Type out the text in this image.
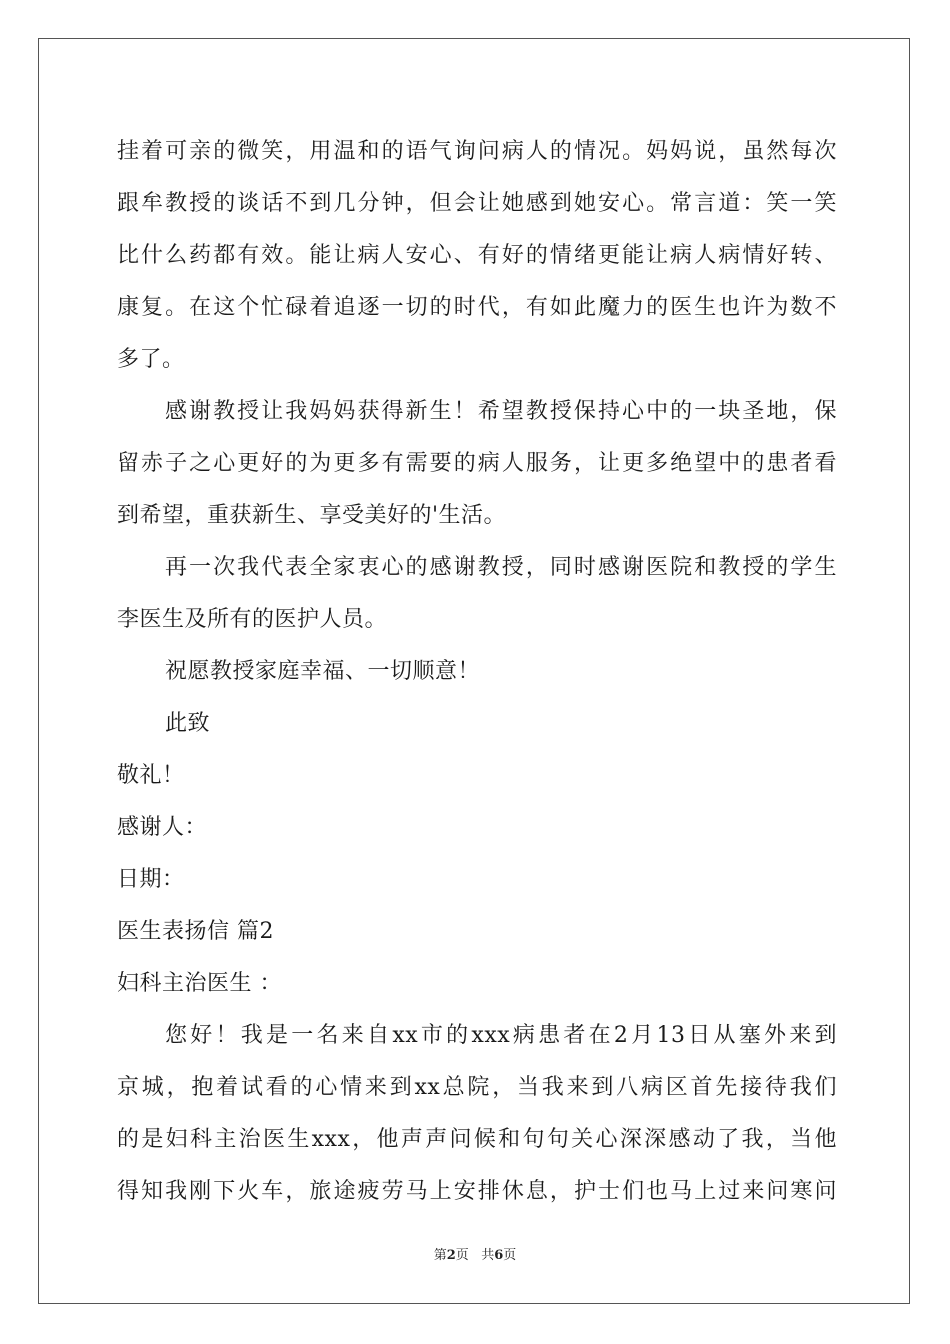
挂着可亲的微笑，用温和的语气询问病人的情况。妈妈说，虽然每次
跟牟教授的谈话不到几分钟，但会让她感到她安心。常言道：笑一笑
比什么药都有效。能让病人安心、有好的情绪更能让病人病情好转、
康复。在这个忙碌着追逐一切的时代，有如此魔力的医生也许为数不
多了。
感谢教授让我妈妈获得新生！希望教授保持心中的一块圣地，保
留赤子之心更好的为更多有需要的病人服务，让更多绝望中的患者看
到希望，重获新生、享受美好的'生活。
再一次我代表全家衷心的感谢教授，同时感谢医院和教授的学生
李医生及所有的医护人员。
祝愿教授家庭幸福、一切顺意！
此致
敬礼！
感谢人：
日期：
医生表扬信 篇2
妇科主治医生 ：
您好！我是一名来自xx市的xxx病患者在2月13日从塞外来到
京城，抱着试看的心情来到xx总院，当我来到八病区首先接待我们
的是妇科主治医生xxx，他声声问候和句句关心深深感动了我，当他
得知我刚下火车，旅途疲劳马上安排休息，护士们也马上过来问寒问
第2页 共6页
